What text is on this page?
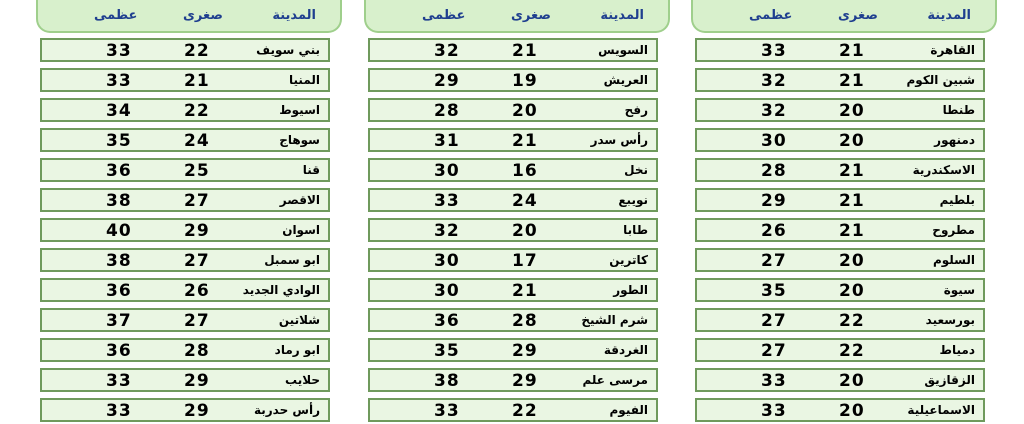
عظمى	صغرى	المدينة
33	21	القاهرة
32	21	شبين الكوم
32	20	طنطا
30	20	دمنهور
28	21	الاسكندرية
29	21	بلطيم
26	21	مطروح
27	20	السلوم
35	20	سيوة
27	22	بورسعيد
27	22	دمياط
33	20	الزقازيق
33	20	الاسماعيلية
عظمى	صغرى	المدينة
32	21	السويس
29	19	العريش
28	20	رفح
31	21	رأس سدر
30	16	نخل
33	24	نويبع
32	20	طابا
30	17	كاترين
30	21	الطور
36	28	شرم الشيخ
35	29	الغردقة
38	29	مرسى علم
33	22	الفيوم
عظمى	صغرى	المدينة
33	22	بني سويف
33	21	المنيا
34	22	اسيوط
35	24	سوهاج
36	25	قنا
38	27	الاقصر
40	29	اسوان
38	27	ابو سمبل
36	26	الوادي الجديد
37	27	شلاتين
36	28	ابو رماد
33	29	حلايب
33	29	رأس حدربة
